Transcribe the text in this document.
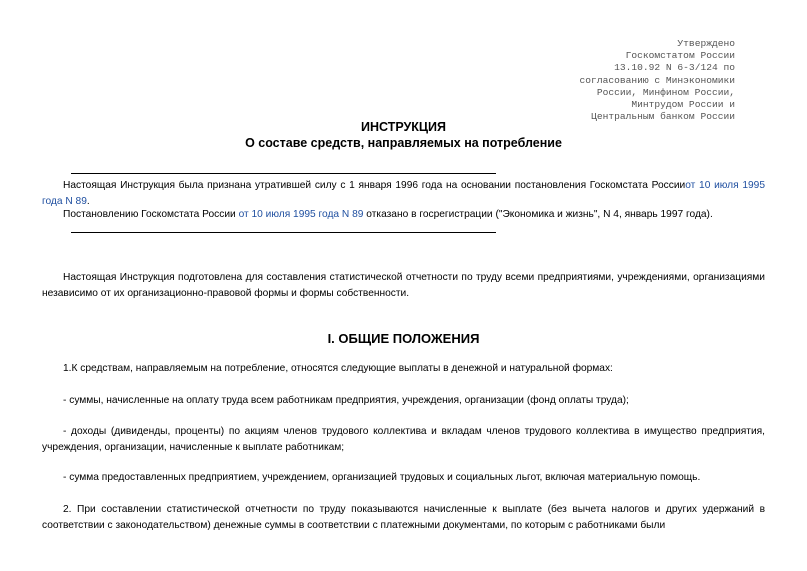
Утверждено
Госкомстатом России
13.10.92 N 6-3/124 по
согласованию с Минэкономики
России, Минфином России,
Минтрудом России и
Центральным банком России
ИНСТРУКЦИЯ
О составе средств, направляемых на потребление
Настоящая Инструкция была признана утратившей силу с 1 января 1996 года на основании постановления Госкомстата Россииот 10 июля 1995 года N 89.
Постановлению Госкомстата России от 10 июля 1995 года N 89 отказано в госрегистрации ("Экономика и жизнь", N 4, январь 1997 года).
Настоящая Инструкция подготовлена для составления статистической отчетности по труду всеми предприятиями, учреждениями, организациями независимо от их организационно-правовой формы и формы собственности.
I. ОБЩИЕ ПОЛОЖЕНИЯ
1.К средствам, направляемым на потребление, относятся следующие выплаты в денежной и натуральной формах:
- суммы, начисленные на оплату труда всем работникам предприятия, учреждения, организации (фонд оплаты труда);
- доходы (дивиденды, проценты) по акциям членов трудового коллектива и вкладам членов трудового коллектива в имущество предприятия, учреждения, организации, начисленные к выплате работникам;
- сумма предоставленных предприятием, учреждением, организацией трудовых и социальных льгот, включая материальную помощь.
2. При составлении статистической отчетности по труду показываются начисленные к выплате (без вычета налогов и других удержаний в соответствии с законодательством) денежные суммы в соответствии с платежными документами, по которым с работниками были
